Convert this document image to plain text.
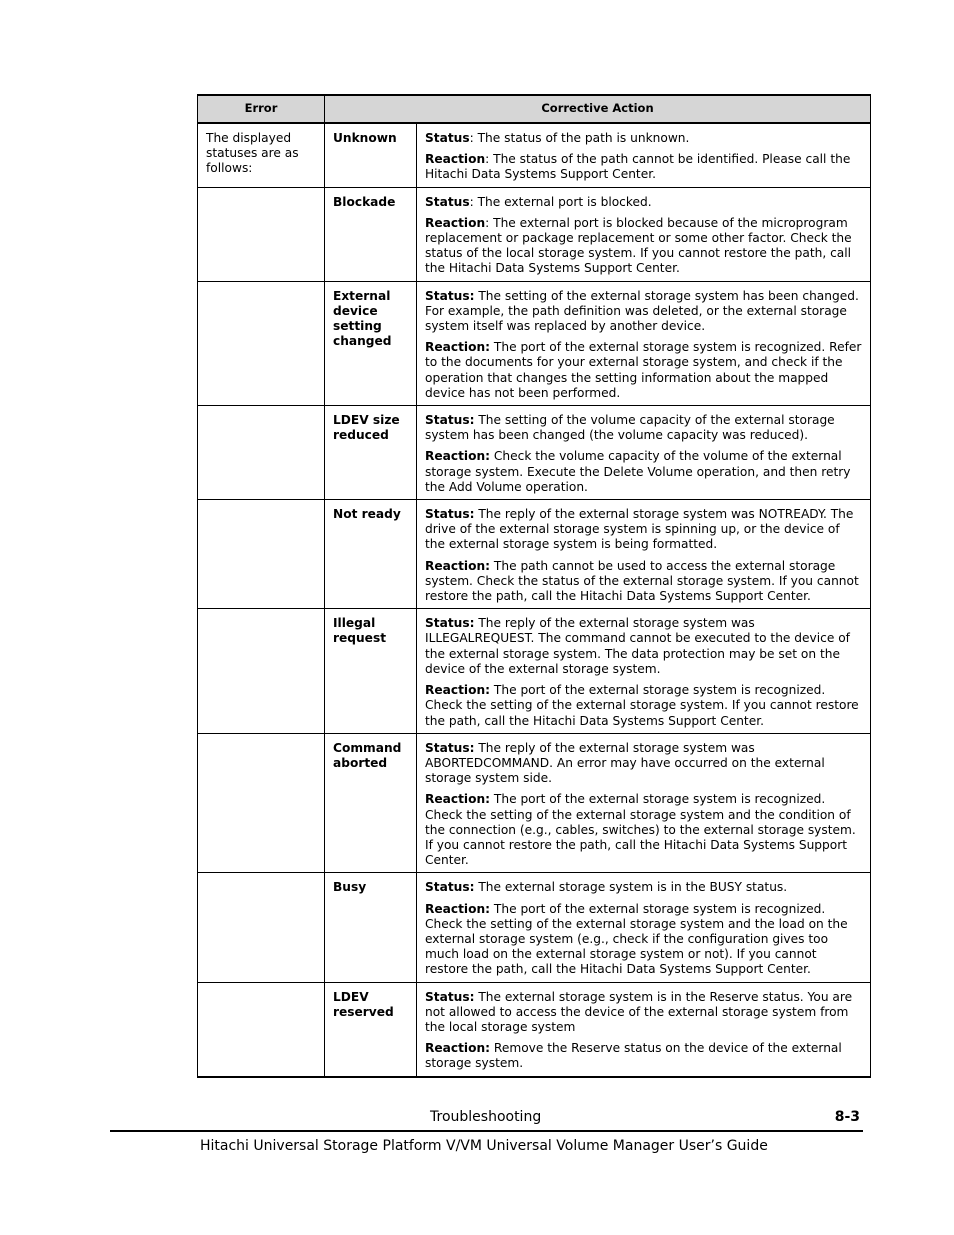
Error	Corrective Action	
The displayed statuses are as follows:	Unknown	Status: The status of the path is unknown.

Reaction: The status of the path cannot be identified. Please call the Hitachi Data Systems Support Center.

	Blockade	Status: The external port is blocked.

Reaction: The external port is blocked because of the microprogram replacement or package replacement or some other factor. Check the status of the local storage system. If you cannot restore the path, call the Hitachi Data Systems Support Center.

	External device setting changed	Status: The setting of the external storage system has been changed. For example, the path definition was deleted, or the external storage system itself was replaced by another device.

Reaction: The port of the external storage system is recognized. Refer to the documents for your external storage system, and check if the operation that changes the setting information about the mapped device has not been performed.

	LDEV size reduced	Status: The setting of the volume capacity of the external storage system has been changed (the volume capacity was reduced).

Reaction: Check the volume capacity of the volume of the external storage system. Execute the Delete Volume operation, and then retry the Add Volume operation.

	Not ready	Status: The reply of the external storage system was NOTREADY. The drive of the external storage system is spinning up, or the device of the external storage system is being formatted.

Reaction: The path cannot be used to access the external storage system. Check the status of the external storage system. If you cannot restore the path, call the Hitachi Data Systems Support Center.

	Illegal request	Status: The reply of the external storage system was ILLEGALREQUEST. The command cannot be executed to the device of the external storage system. The data protection may be set on the device of the external storage system.

Reaction: The port of the external storage system is recognized. Check the setting of the external storage system. If you cannot restore the path, call the Hitachi Data Systems Support Center.

	Command aborted	Status: The reply of the external storage system was ABORTEDCOMMAND. An error may have occurred on the external storage system side.

Reaction: The port of the external storage system is recognized. Check the setting of the external storage system and the condition of the connection (e.g., cables, switches) to the external storage system. If you cannot restore the path, call the Hitachi Data Systems Support Center.

	Busy	Status: The external storage system is in the BUSY status.

Reaction: The port of the external storage system is recognized. Check the setting of the external storage system and the load on the external storage system (e.g., check if the configuration gives too much load on the external storage system or not). If you cannot restore the path, call the Hitachi Data Systems Support Center.

	LDEV reserved	Status: The external storage system is in the Reserve status. You are not allowed to access the device of the external storage system from the local storage system

Reaction: Remove the Reserve status on the device of the external storage system.

Troubleshooting	8-3
Hitachi Universal Storage Platform V/VM Universal Volume Manager User’s Guide
